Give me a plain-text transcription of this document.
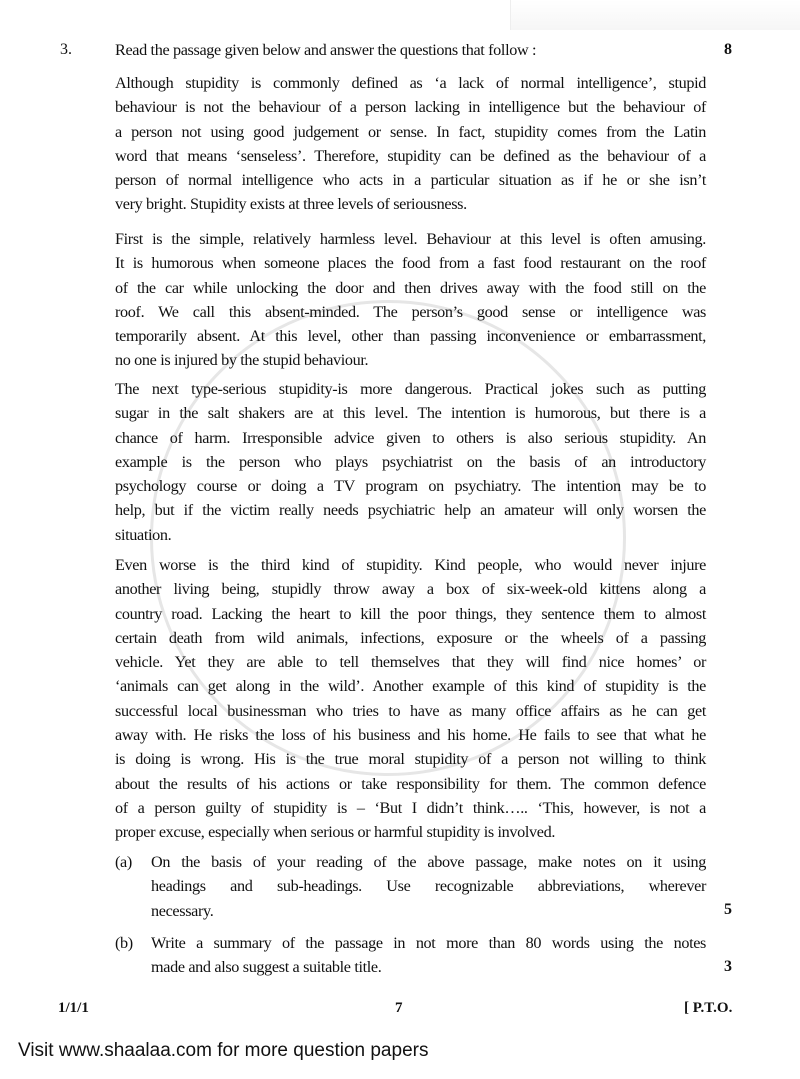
3.	Read the passage given below and answer the questions that follow :	8
Although stupidity is commonly defined as ‘a lack of normal intelligence’, stupid
behaviour is not the behaviour of a person lacking in intelligence but the behaviour of
a person not using good judgement or sense. In fact, stupidity comes from the Latin
word that means ‘senseless’. Therefore, stupidity can be defined as the behaviour of a
person of normal intelligence who acts in a particular situation as if he or she isn’t
very bright. Stupidity exists at three levels of seriousness.
First is the simple, relatively harmless level. Behaviour at this level is often amusing.
It is humorous when someone places the food from a fast food restaurant on the roof
of the car while unlocking the door and then drives away with the food still on the
roof. We call this absent-minded. The person’s good sense or intelligence was
temporarily absent. At this level, other than passing inconvenience or embarrassment,
no one is injured by the stupid behaviour.
The next type-serious stupidity-is more dangerous. Practical jokes such as putting
sugar in the salt shakers are at this level. The intention is humorous, but there is a
chance of harm. Irresponsible advice given to others is also serious stupidity. An
example is the person who plays psychiatrist on the basis of an introductory
psychology course or doing a TV program on psychiatry. The intention may be to
help, but if the victim really needs psychiatric help an amateur will only worsen the
situation.
Even worse is the third kind of stupidity. Kind people, who would never injure
another living being, stupidly throw away a box of six-week-old kittens along a
country road. Lacking the heart to kill the poor things, they sentence them to almost
certain death from wild animals, infections, exposure or the wheels of a passing
vehicle. Yet they are able to tell themselves that they will find nice homes’ or
‘animals can get along in the wild’. Another example of this kind of stupidity is the
successful local businessman who tries to have as many office affairs as he can get
away with. He risks the loss of his business and his home. He fails to see that what he
is doing is wrong. His is the true moral stupidity of a person not willing to think
about the results of his actions or take responsibility for them. The common defence
of a person guilty of stupidity is – ‘But I didn’t think….. ‘This, however, is not a
proper excuse, especially when serious or harmful stupidity is involved.
(a) On the basis of your reading of the above passage, make notes on it using
headings and sub-headings. Use recognizable abbreviations, wherever
necessary.	5
(b) Write a summary of the passage in not more than 80 words using the notes
made and also suggest a suitable title.	3
1/1/1	7	[ P.T.O.
Visit www.shaalaa.com for more question papers
